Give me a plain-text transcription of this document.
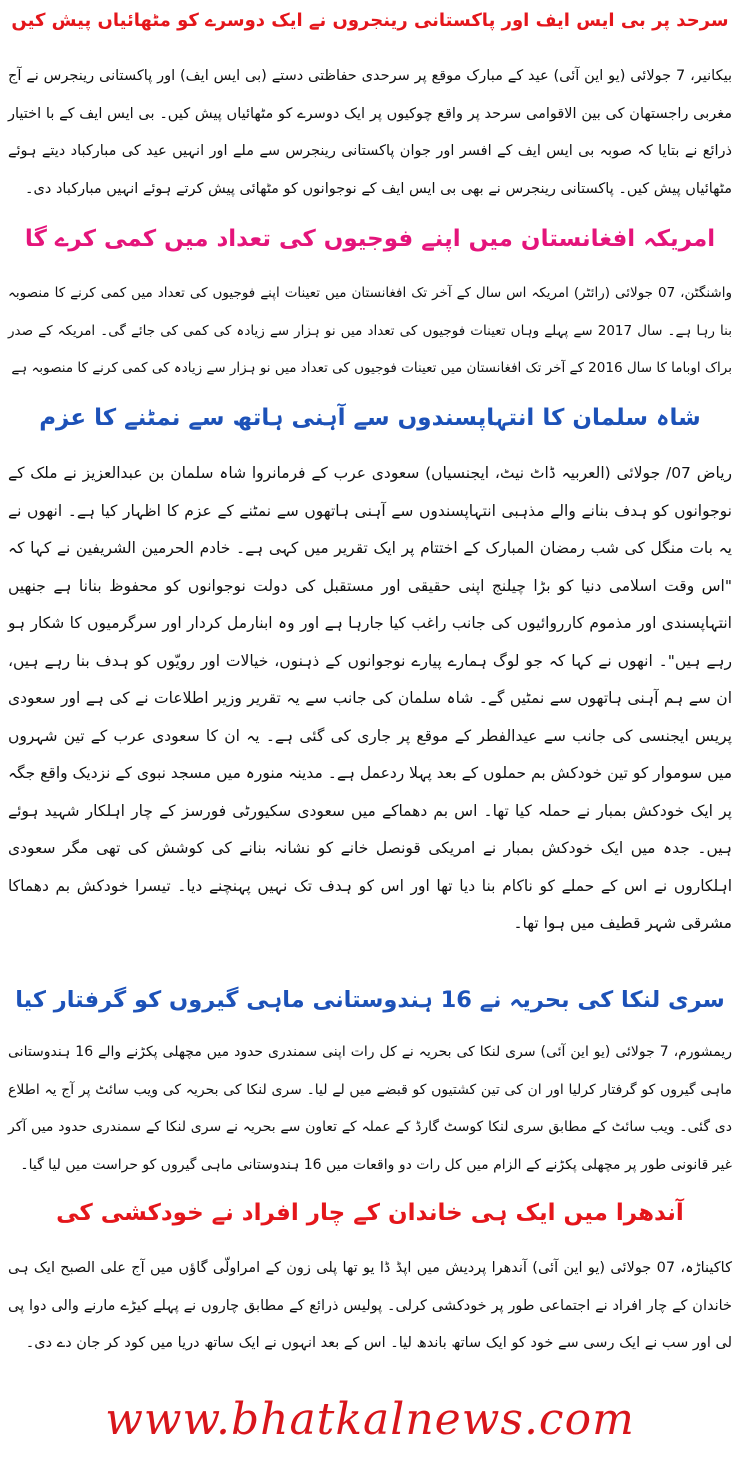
سرحد پر بی ایس ایف اور پاکستانی رینجروں نے ایک دوسرے کو مٹھائیاں پیش کیں
بیکانیر، 7 جولائی (یو این آئی) عید کے مبارک موقع پر سرحدی حفاظتی دستے (بی ایس ایف) اور پاکستانی رینجرس نے آج مغربی راجستھان کی بین الاقوامی سرحد پر واقع چوکیوں پر ایک دوسرے کو مٹھائیاں پیش کیں۔ بی ایس ایف کے با اختیار ذرائع نے بتایا کہ صوبہ بی ایس ایف کے افسر اور جوان پاکستانی رینجرس سے ملے اور انہیں عید کی مبارکباد دیتے ہوئے مٹھائیاں پیش کیں۔ پاکستانی رینجرس نے بھی بی ایس ایف کے نوجوانوں کو مٹھائی پیش کرتے ہوئے انہیں مبارکباد دی۔
امریکہ افغانستان میں اپنے فوجیوں کی تعداد میں کمی کرے گا
واشنگٹن، 07 جولائی (رائٹر) امریکہ اس سال کے آخر تک افغانستان میں تعینات اپنے فوجیوں کی تعداد میں کمی کرنے کا منصوبہ بنا رہا ہے۔ سال 2017 سے پہلے وہاں تعینات فوجیوں کی تعداد میں نو ہزار سے زیادہ کی کمی کی جائے گی۔ امریکہ کے صدر براک اوباما کا سال 2016 کے آخر تک افغانستان میں تعینات فوجیوں کی تعداد میں نو ہزار سے زیادہ کی کمی کرنے کا منصوبہ ہے
شاہ سلمان کا انتہاپسندوں سے آہنی ہاتھ سے نمٹنے کا عزم
ریاض 07/ جولائی (العربیہ ڈاٹ نیٹ، ایجنسیاں) سعودی عرب کے فرمانروا شاہ سلمان بن عبدالعزیز نے ملک کے نوجوانوں کو ہدف بنانے والے مذہبی انتہاپسندوں سے آہنی ہاتھوں سے نمٹنے کے عزم کا اظہار کیا ہے۔ انھوں نے یہ بات منگل کی شب رمضان المبارک کے اختتام پر ایک تقریر میں کہی ہے۔ خادم الحرمین الشریفین نے کہا کہ "اس وقت اسلامی دنیا کو بڑا چیلنج اپنی حقیقی اور مستقبل کی دولت نوجوانوں کو محفوظ بنانا ہے جنھیں انتہاپسندی اور مذموم کارروائیوں کی جانب راغب کیا جارہا ہے اور وہ ابنارمل کردار اور سرگرمیوں کا شکار ہو رہے ہیں"۔ انھوں نے کہا کہ جو لوگ ہمارے پیارے نوجوانوں کے ذہنوں، خیالات اور رویّوں کو ہدف بنا رہے ہیں، ان سے ہم آہنی ہاتھوں سے نمٹیں گے۔ شاہ سلمان کی جانب سے یہ تقریر وزیر اطلاعات نے کی ہے اور سعودی پریس ایجنسی کی جانب سے عیدالفطر کے موقع پر جاری کی گئی ہے۔ یہ ان کا سعودی عرب کے تین شہروں میں سوموار کو تین خودکش بم حملوں کے بعد پہلا ردعمل ہے۔ مدینہ منورہ میں مسجد نبوی کے نزدیک واقع جگہ پر ایک خودکش بمبار نے حملہ کیا تھا۔ اس بم دھماکے میں سعودی سکیورٹی فورسز کے چار اہلکار شہید ہوئے ہیں۔ جدہ میں ایک خودکش بمبار نے امریکی قونصل خانے کو نشانہ بنانے کی کوشش کی تھی مگر سعودی اہلکاروں نے اس کے حملے کو ناکام بنا دیا تھا اور اس کو ہدف تک نہیں پہنچنے دیا۔ تیسرا خودکش بم دھماکا مشرقی شہر قطیف میں ہوا تھا۔
سری لنکا کی بحریہ نے 16 ہندوستانی ماہی گیروں کو گرفتار کیا
ریمشورم، 7 جولائی (یو این آئی) سری لنکا کی بحریہ نے کل رات اپنی سمندری حدود میں مچھلی پکڑنے والے 16 ہندوستانی ماہی گیروں کو گرفتار کرلیا اور ان کی تین کشتیوں کو قبضے میں لے لیا۔ سری لنکا کی بحریہ کی ویب سائٹ پر آج یہ اطلاع دی گئی۔ ویب سائٹ کے مطابق سری لنکا کوسٹ گارڈ کے عملہ کے تعاون سے بحریہ نے سری لنکا کے سمندری حدود میں آکر غیر قانونی طور پر مچھلی پکڑنے کے الزام میں کل رات دو واقعات میں 16 ہندوستانی ماہی گیروں کو حراست میں لیا گیا۔
آندھرا میں ایک ہی خاندان کے چار افراد نے خودکشی کی
کاکیناڑہ، 07 جولائی (یو این آئی) آندھرا پردیش میں اپڈ ڈا یو تھا پلی زون کے امراولّی گاؤں میں آج علی الصبح ایک ہی خاندان کے چار افراد نے اجتماعی طور پر خودکشی کرلی۔ پولیس ذرائع کے مطابق چاروں نے پہلے کیڑے مارنے والی دوا پی لی اور سب نے ایک رسی سے خود کو ایک ساتھ باندھ لیا۔ اس کے بعد انہوں نے ایک ساتھ دریا میں کود کر جان دے دی۔
www.bhatkalnews.com
